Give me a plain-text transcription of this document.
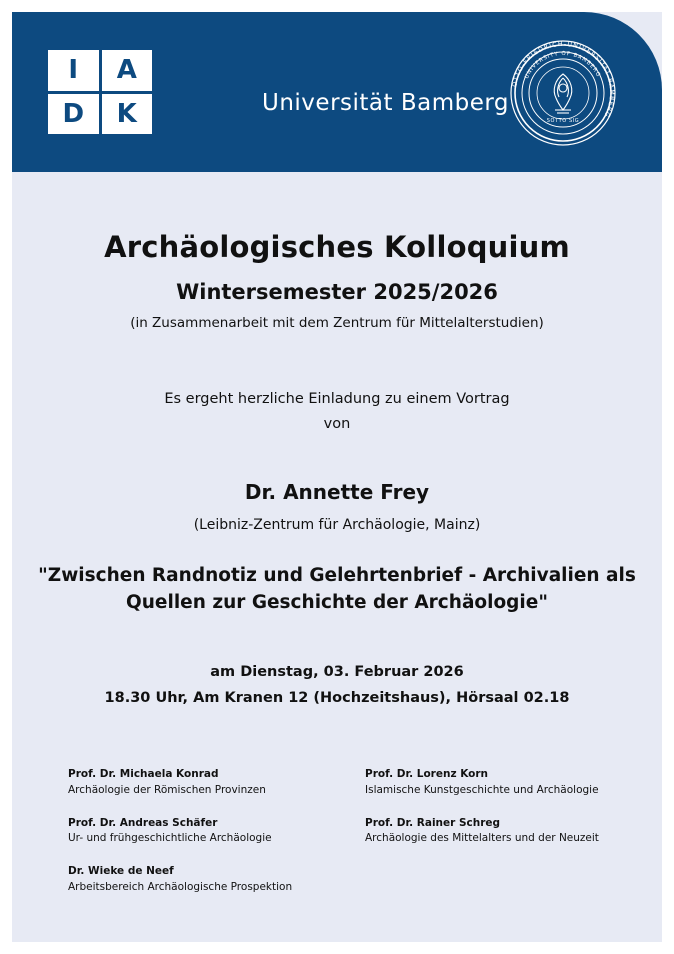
I	A
D	K	Universität Bamberg
OTTO-FRIEDRICH-UNIVERSITÄT BAMBERG
UNIVERSITY OF BAMBERG
SOTTO SIG
Archäologisches Kolloquium
Wintersemester 2025/2026
(in Zusammenarbeit mit dem Zentrum für Mittelalterstudien)
Es ergeht herzliche Einladung zu einem Vortrag
von
Dr. Annette Frey
(Leibniz-Zentrum für Archäologie, Mainz)
"Zwischen Randnotiz und Gelehrtenbrief - Archivalien als Quellen zur Geschichte der Archäologie"
am Dienstag, 03. Februar 2026
18.30 Uhr, Am Kranen 12 (Hochzeitshaus), Hörsaal 02.18
Prof. Dr. Michaela Konrad
Archäologie der Römischen Provinzen
Prof. Dr. Andreas Schäfer
Ur- und frühgeschichtliche Archäologie
Dr. Wieke de Neef
Arbeitsbereich Archäologische Prospektion
Prof. Dr. Lorenz Korn
Islamische Kunstgeschichte und Archäologie
Prof. Dr. Rainer Schreg
Archäologie des Mittelalters und der Neuzeit
